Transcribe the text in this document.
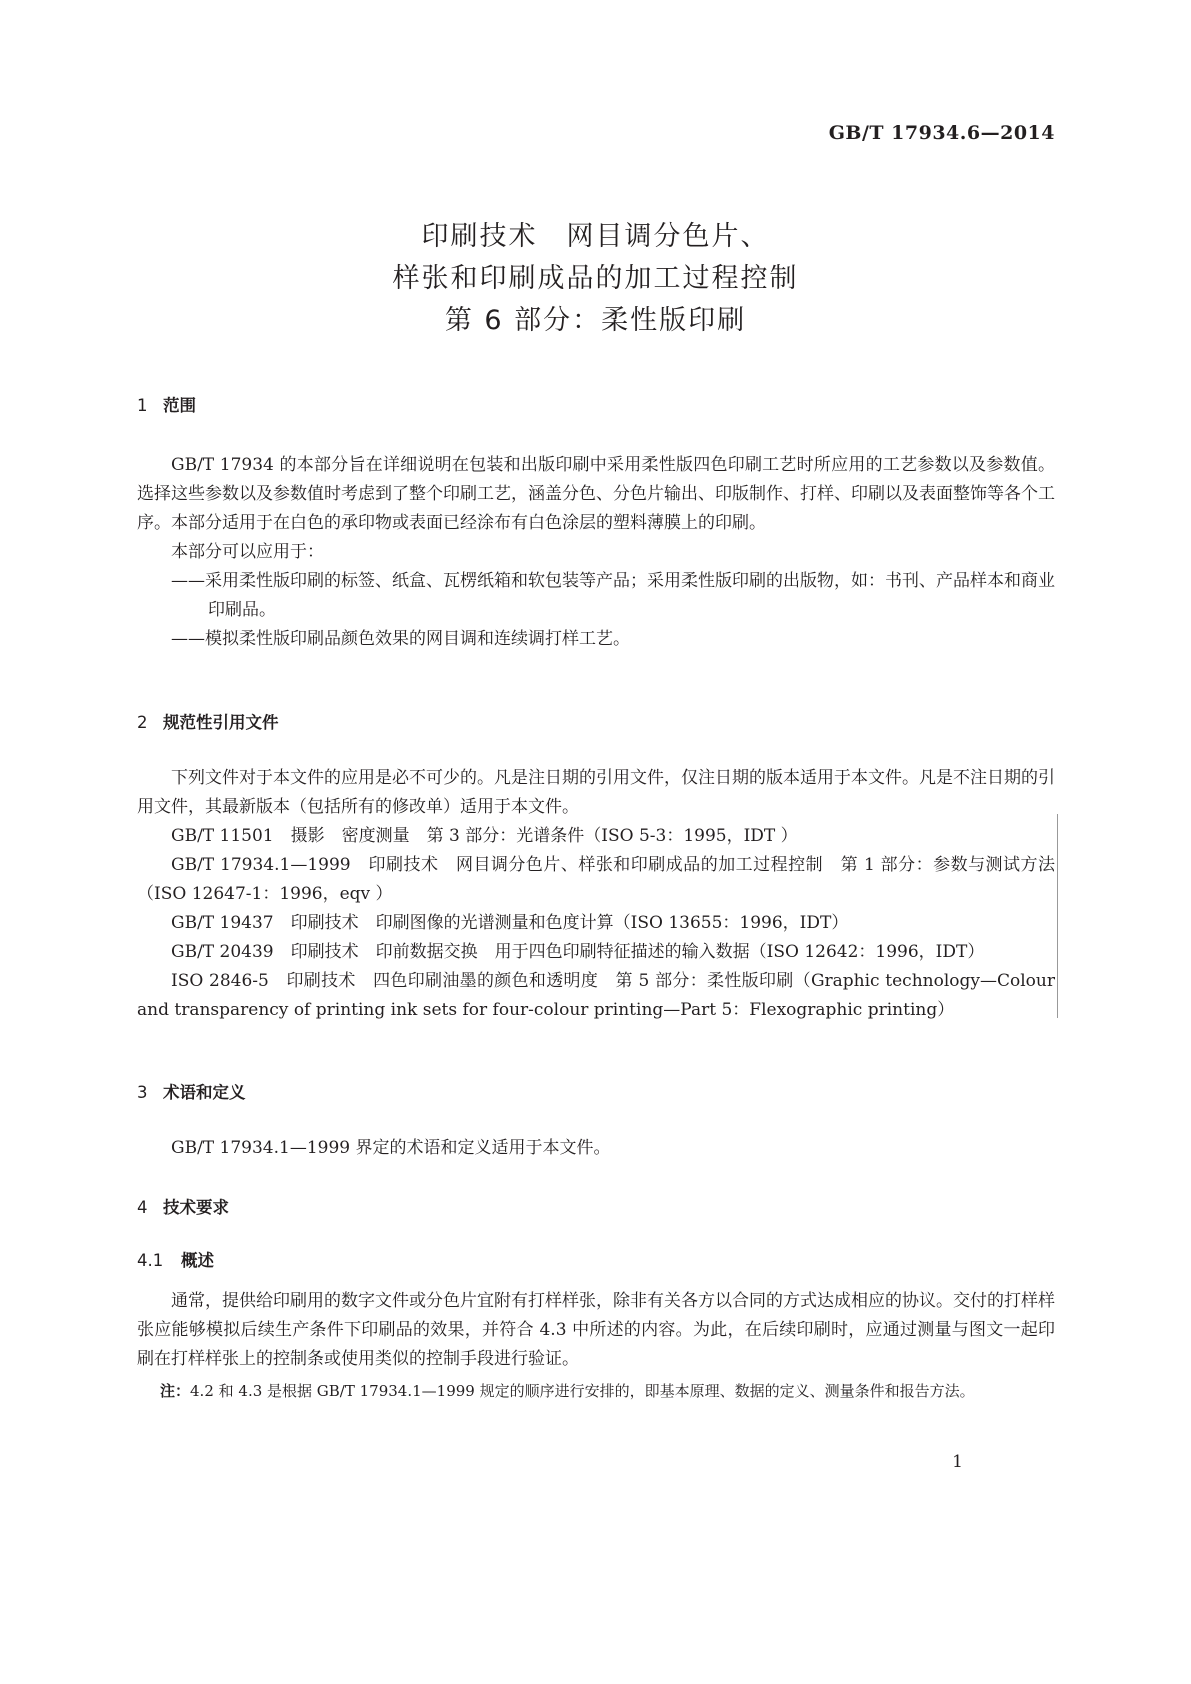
GB/T 17934.6—2014
印刷技术　网目调分色片、
样张和印刷成品的加工过程控制
第 6 部分：柔性版印刷
1 范围

GB/T 17934 的本部分旨在详细说明在包装和出版印刷中采用柔性版四色印刷工艺时所应用的工艺参数以及参数值。选择这些参数以及参数值时考虑到了整个印刷工艺，涵盖分色、分色片输出、印版制作、打样、印刷以及表面整饰等各个工序。本部分适用于在白色的承印物或表面已经涂布有白色涂层的塑料薄膜上的印刷。

本部分可以应用于：

——采用柔性版印刷的标签、纸盒、瓦楞纸箱和软包装等产品；采用柔性版印刷的出版物，如：书刊、产品样本和商业印刷品。

——模拟柔性版印刷品颜色效果的网目调和连续调打样工艺。

2 规范性引用文件

下列文件对于本文件的应用是必不可少的。凡是注日期的引用文件，仅注日期的版本适用于本文件。凡是不注日期的引用文件，其最新版本（包括所有的修改单）适用于本文件。

GB/T 11501　摄影　密度测量　第 3 部分：光谱条件（ISO 5-3：1995，IDT ）

GB/T 17934.1—1999　印刷技术　网目调分色片、样张和印刷成品的加工过程控制　第 1 部分：参数与测试方法（ISO 12647-1：1996，eqv ）

GB/T 19437　印刷技术　印刷图像的光谱测量和色度计算（ISO 13655：1996，IDT）

GB/T 20439　印刷技术　印前数据交换　用于四色印刷特征描述的输入数据（ISO 12642：1996，IDT）

ISO 2846-5　印刷技术　四色印刷油墨的颜色和透明度　第 5 部分：柔性版印刷（Graphic technology—Colour and transparency of printing ink sets for four-colour printing—Part 5：Flexographic printing）

3 术语和定义

GB/T 17934.1—1999 界定的术语和定义适用于本文件。

4 技术要求
4.1 概述

通常，提供给印刷用的数字文件或分色片宜附有打样样张，除非有关各方以合同的方式达成相应的协议。交付的打样样张应能够模拟后续生产条件下印刷品的效果，并符合 4.3 中所述的内容。为此，在后续印刷时，应通过测量与图文一起印刷在打样样张上的控制条或使用类似的控制手段进行验证。

注：4.2 和 4.3 是根据 GB/T 17934.1—1999 规定的顺序进行安排的，即基本原理、数据的定义、测量条件和报告方法。

1
